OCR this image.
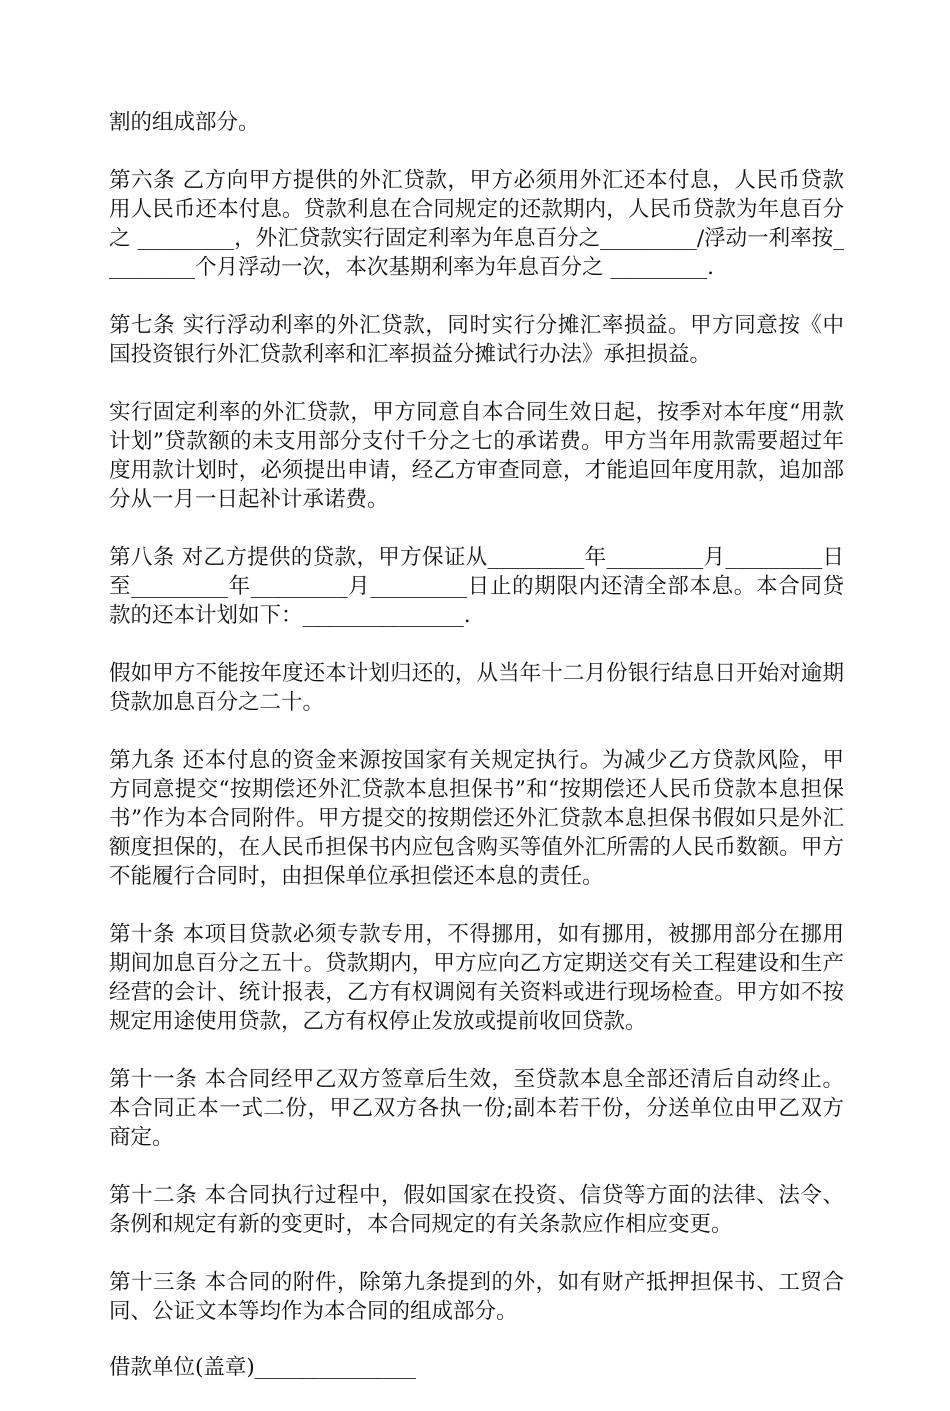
割的组成部分。

第六条 乙方向甲方提供的外汇贷款，甲方必须用外汇还本付息，人民币贷款用人民币还本付息。贷款利息在合同规定的还款期内，人民币贷款为年息百分之 _________，外汇贷款实行固定利率为年息百分之_________/浮动一利率按_________个月浮动一次，本次基期利率为年息百分之 _________.

第七条 实行浮动利率的外汇贷款，同时实行分摊汇率损益。甲方同意按《中国投资银行外汇贷款利率和汇率损益分摊试行办法》承担损益。

实行固定利率的外汇贷款，甲方同意自本合同生效日起，按季对本年度“用款计划”贷款额的未支用部分支付千分之七的承诺费。甲方当年用款需要超过年度用款计划时，必须提出申请，经乙方审查同意，才能追回年度用款，追加部分从一月一日起补计承诺费。

第八条 对乙方提供的贷款，甲方保证从_________年_________月_________日至_________年_________月_________日止的期限内还清全部本息。本合同贷款的还本计划如下：_______________.

假如甲方不能按年度还本计划归还的，从当年十二月份银行结息日开始对逾期贷款加息百分之二十。

第九条 还本付息的资金来源按国家有关规定执行。为减少乙方贷款风险，甲方同意提交“按期偿还外汇贷款本息担保书”和“按期偿还人民币贷款本息担保书”作为本合同附件。甲方提交的按期偿还外汇贷款本息担保书假如只是外汇额度担保的，在人民币担保书内应包含购买等值外汇所需的人民币数额。甲方不能履行合同时，由担保单位承担偿还本息的责任。

第十条 本项目贷款必须专款专用，不得挪用，如有挪用，被挪用部分在挪用期间加息百分之五十。贷款期内，甲方应向乙方定期送交有关工程建设和生产经营的会计、统计报表，乙方有权调阅有关资料或进行现场检查。甲方如不按规定用途使用贷款，乙方有权停止发放或提前收回贷款。

第十一条 本合同经甲乙双方签章后生效，至贷款本息全部还清后自动终止。本合同正本一式二份，甲乙双方各执一份;副本若干份，分送单位由甲乙双方商定。

第十二条 本合同执行过程中，假如国家在投资、信贷等方面的法律、法令、条例和规定有新的变更时，本合同规定的有关条款应作相应变更。

第十三条 本合同的附件，除第九条提到的外，如有财产抵押担保书、工贸合同、公证文本等均作为本合同的组成部分。

借款单位(盖章)_______________
